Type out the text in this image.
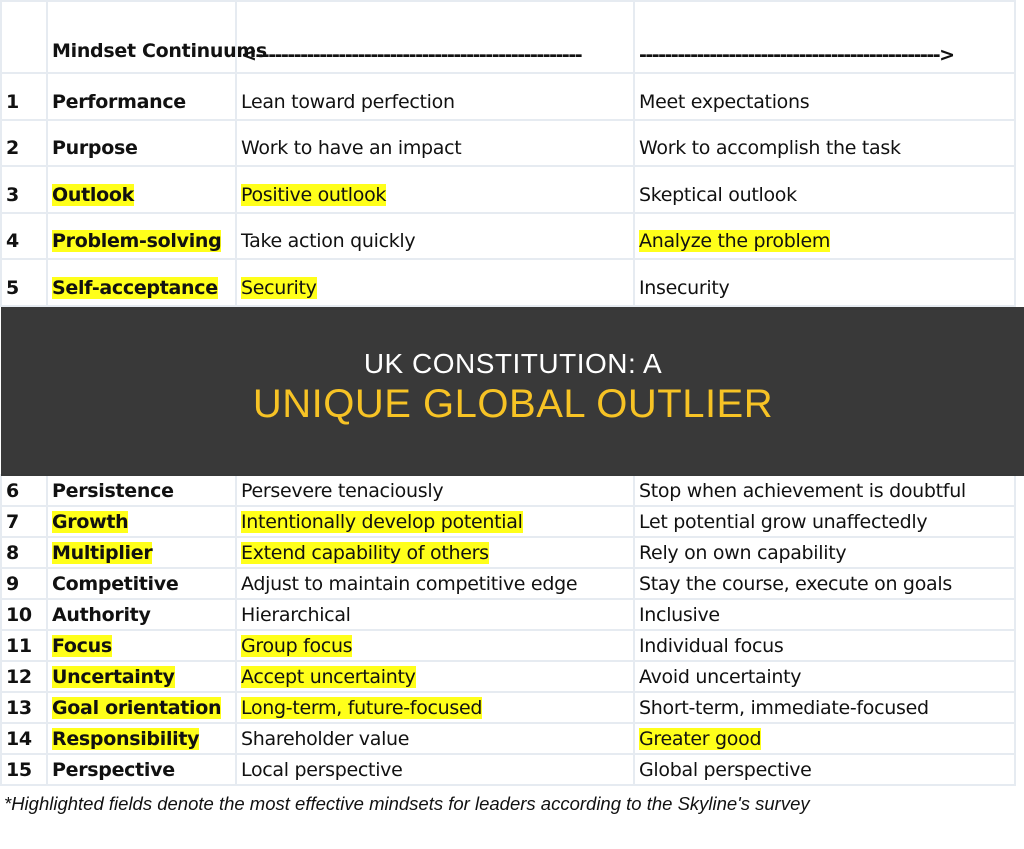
	Mindset Continuums	<---------------------------------------------------	----------------------------------------------->
1	Performance	Lean toward perfection	Meet expectations
2	Purpose	Work to have an impact	Work to accomplish the task
3	Outlook	Positive outlook	Skeptical outlook
4	Problem-solving	Take action quickly	Analyze the problem
5	Self-acceptance	Security	Insecurity

UK CONSTITUTION: A
UNIQUE GLOBAL OUTLIER			

6	Persistence	Persevere tenaciously	Stop when achievement is doubtful
7	Growth	Intentionally develop potential	Let potential grow unaffectedly
8	Multiplier	Extend capability of others	Rely on own capability
9	Competitive	Adjust to maintain competitive edge	Stay the course, execute on goals
10	Authority	Hierarchical	Inclusive
11	Focus	Group focus	Individual focus
12	Uncertainty	Accept uncertainty	Avoid uncertainty
13	Goal orientation	Long-term, future-focused	Short-term, immediate-focused
14	Responsibility	Shareholder value	Greater good
15	Perspective	Local perspective	Global perspective
*Highlighted fields denote the most effective mindsets for leaders according to the Skyline's survey
